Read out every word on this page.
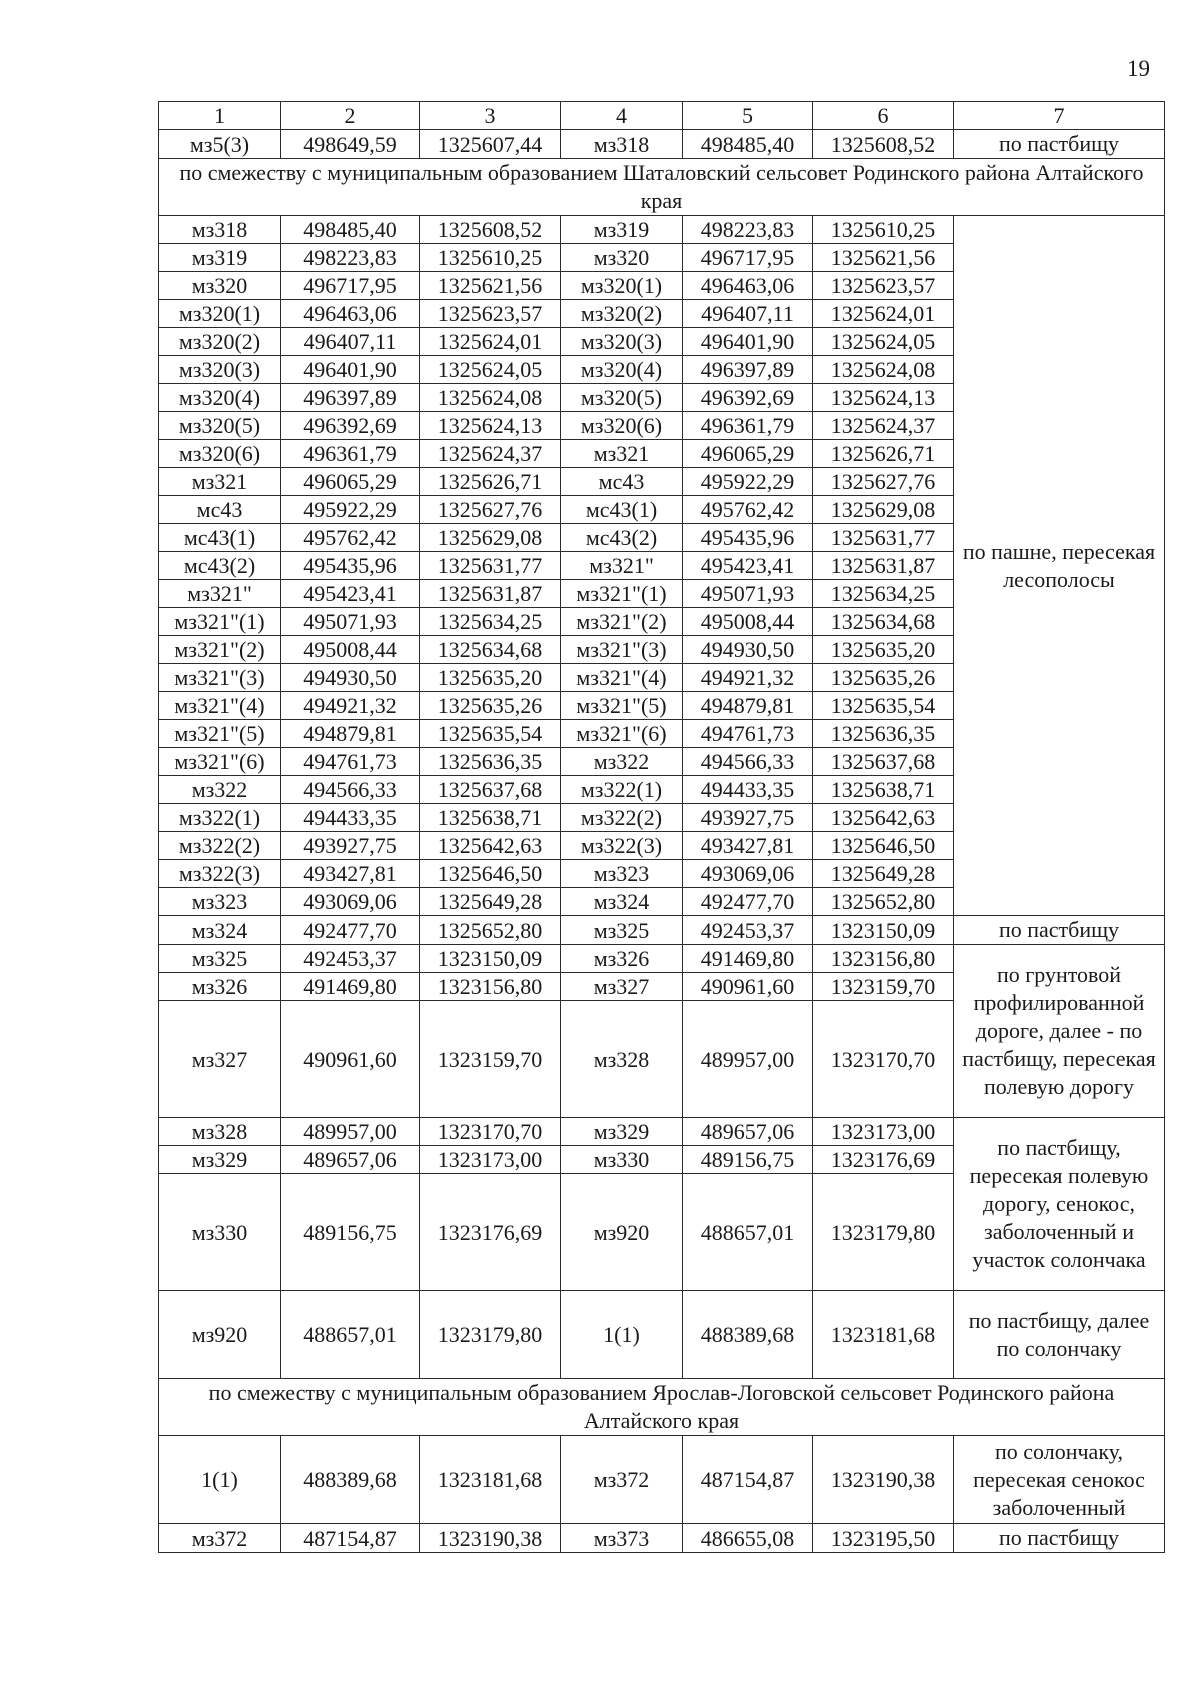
19
1	2	3	4	5	6	7
мз5(3)	498649,59	1325607,44	мз318	498485,40	1325608,52	по пастбищу
по смежеству с муниципальным образованием Шаталовский сельсовет Родинского района Алтайского края						
мз318	498485,40	1325608,52	мз319	498223,83	1325610,25	по пашне, пересекая лесополосы
мз319	498223,83	1325610,25	мз320	496717,95	1325621,56	
мз320	496717,95	1325621,56	мз320(1)	496463,06	1325623,57	
мз320(1)	496463,06	1325623,57	мз320(2)	496407,11	1325624,01	
мз320(2)	496407,11	1325624,01	мз320(3)	496401,90	1325624,05	
мз320(3)	496401,90	1325624,05	мз320(4)	496397,89	1325624,08	
мз320(4)	496397,89	1325624,08	мз320(5)	496392,69	1325624,13	
мз320(5)	496392,69	1325624,13	мз320(6)	496361,79	1325624,37	
мз320(6)	496361,79	1325624,37	мз321	496065,29	1325626,71	
мз321	496065,29	1325626,71	мс43	495922,29	1325627,76	
мс43	495922,29	1325627,76	мс43(1)	495762,42	1325629,08	
мс43(1)	495762,42	1325629,08	мс43(2)	495435,96	1325631,77	
мс43(2)	495435,96	1325631,77	мз321"	495423,41	1325631,87	
мз321"	495423,41	1325631,87	мз321"(1)	495071,93	1325634,25	
мз321"(1)	495071,93	1325634,25	мз321"(2)	495008,44	1325634,68	
мз321"(2)	495008,44	1325634,68	мз321"(3)	494930,50	1325635,20	
мз321"(3)	494930,50	1325635,20	мз321"(4)	494921,32	1325635,26	
мз321"(4)	494921,32	1325635,26	мз321"(5)	494879,81	1325635,54	
мз321"(5)	494879,81	1325635,54	мз321"(6)	494761,73	1325636,35	
мз321"(6)	494761,73	1325636,35	мз322	494566,33	1325637,68	
мз322	494566,33	1325637,68	мз322(1)	494433,35	1325638,71	
мз322(1)	494433,35	1325638,71	мз322(2)	493927,75	1325642,63	
мз322(2)	493927,75	1325642,63	мз322(3)	493427,81	1325646,50	
мз322(3)	493427,81	1325646,50	мз323	493069,06	1325649,28	
мз323	493069,06	1325649,28	мз324	492477,70	1325652,80	
мз324	492477,70	1325652,80	мз325	492453,37	1323150,09	по пастбищу
мз325	492453,37	1323150,09	мз326	491469,80	1323156,80	по грунтовой профилированной дороге, далее - по пастбищу, пересекая полевую дорогу
мз326	491469,80	1323156,80	мз327	490961,60	1323159,70	
мз327	490961,60	1323159,70	мз328	489957,00	1323170,70	
мз328	489957,00	1323170,70	мз329	489657,06	1323173,00	по пастбищу, пересекая полевую дорогу, сенокос, заболоченный и участок солончака
мз329	489657,06	1323173,00	мз330	489156,75	1323176,69	
мз330	489156,75	1323176,69	мз920	488657,01	1323179,80	
мз920	488657,01	1323179,80	1(1)	488389,68	1323181,68	по пастбищу, далее по солончаку
по смежеству с муниципальным образованием Ярослав-Логовской сельсовет Родинского района Алтайского края						
1(1)	488389,68	1323181,68	мз372	487154,87	1323190,38	по солончаку, пересекая сенокос заболоченный
мз372	487154,87	1323190,38	мз373	486655,08	1323195,50	по пастбищу
